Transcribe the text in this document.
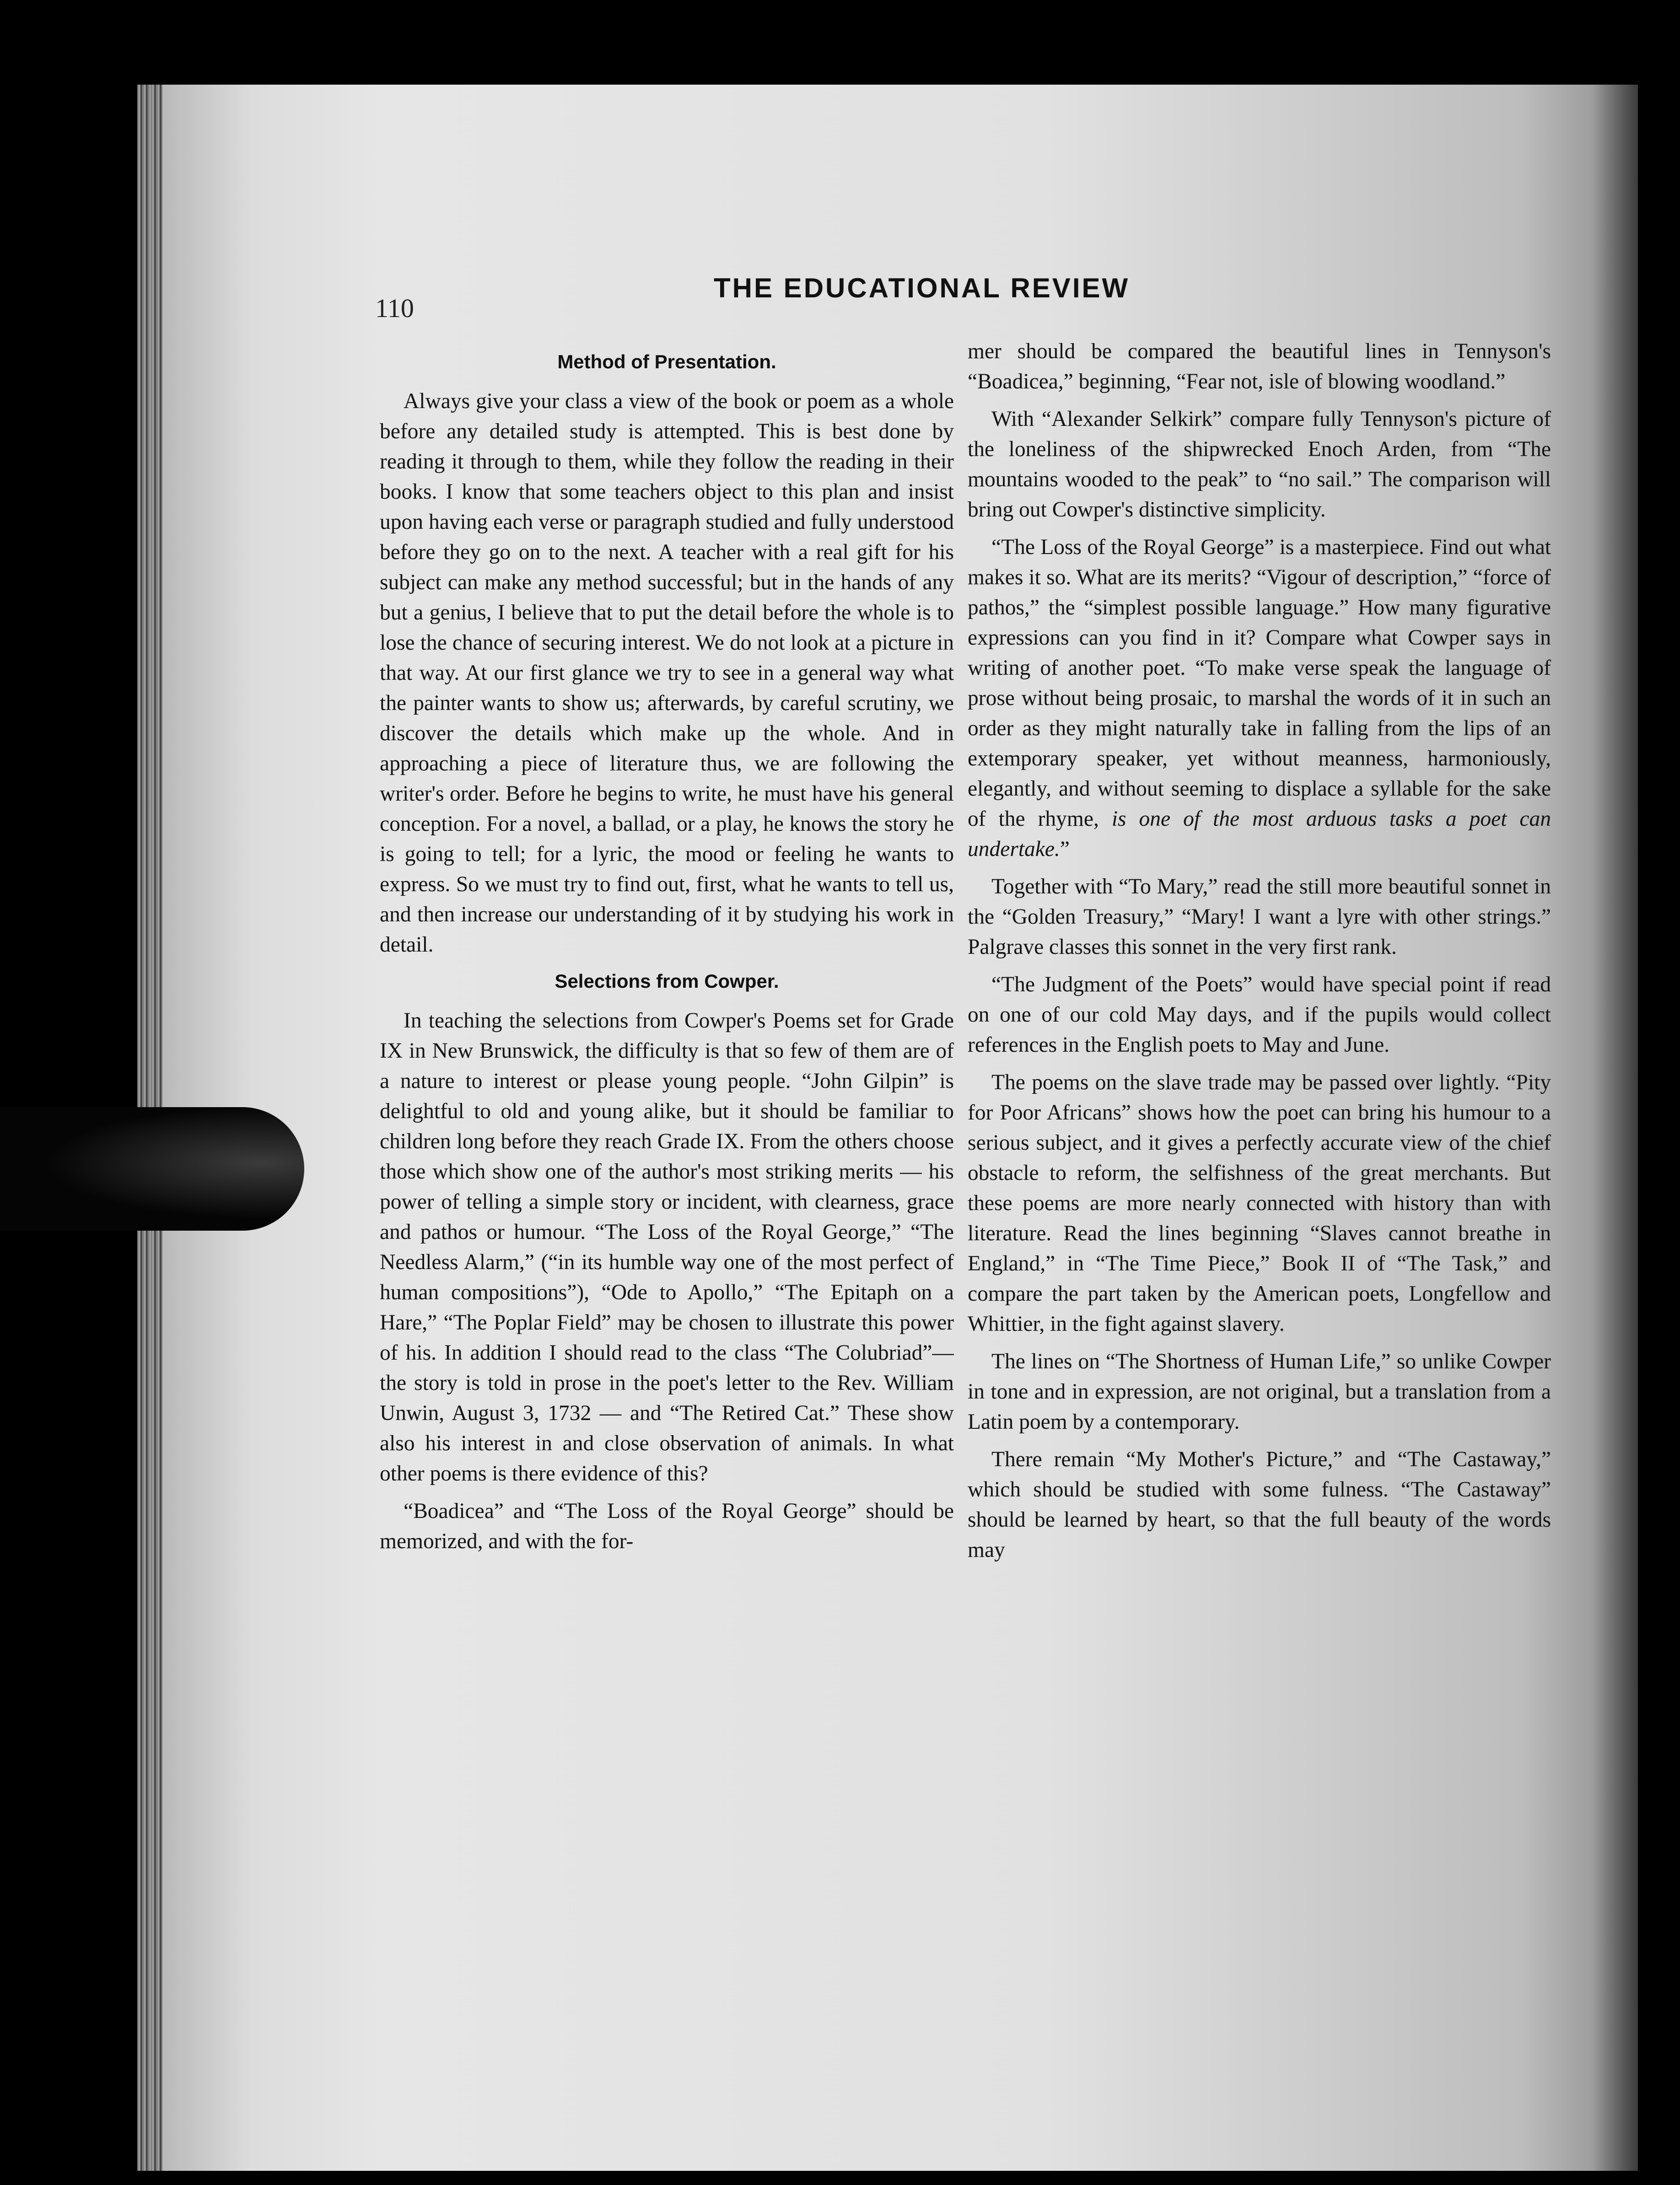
110
THE EDUCATIONAL REVIEW
Method of Presentation.

Always give your class a view of the book or poem as a whole before any detailed study is attempted. This is best done by reading it through to them, while they follow the reading in their books. I know that some teachers object to this plan and insist upon having each verse or paragraph studied and fully understood before they go on to the next. A teacher with a real gift for his subject can make any method successful; but in the hands of any but a genius, I believe that to put the detail before the whole is to lose the chance of securing interest. We do not look at a picture in that way. At our first glance we try to see in a general way what the painter wants to show us; afterwards, by careful scrutiny, we discover the details which make up the whole. And in approaching a piece of literature thus, we are following the writer's order. Before he begins to write, he must have his general conception. For a novel, a ballad, or a play, he knows the story he is going to tell; for a lyric, the mood or feeling he wants to express. So we must try to find out, first, what he wants to tell us, and then increase our understanding of it by studying his work in detail.

Selections from Cowper.

In teaching the selections from Cowper's Poems set for Grade IX in New Brunswick, the difficulty is that so few of them are of a nature to interest or please young people. “John Gilpin” is delightful to old and young alike, but it should be familiar to children long before they reach Grade IX. From the others choose those which show one of the author's most striking merits — his power of telling a simple story or incident, with clearness, grace and pathos or humour. “The Loss of the Royal George,” “The Needless Alarm,” (“in its humble way one of the most perfect of human compositions”), “Ode to Apollo,” “The Epitaph on a Hare,” “The Poplar Field” may be chosen to illustrate this power of his. In addition I should read to the class “The Colubriad”— the story is told in prose in the poet's letter to the Rev. William Unwin, August 3, 1732 — and “The Retired Cat.” These show also his interest in and close observation of animals. In what other poems is there evidence of this?

“Boadicea” and “The Loss of the Royal George” should be memorized, and with the for-

mer should be compared the beautiful lines in Tennyson's “Boadicea,” beginning, “Fear not, isle of blowing woodland.”

With “Alexander Selkirk” compare fully Tennyson's picture of the loneliness of the shipwrecked Enoch Arden, from “The mountains wooded to the peak” to “no sail.” The comparison will bring out Cowper's distinctive simplicity.

“The Loss of the Royal George” is a masterpiece. Find out what makes it so. What are its merits? “Vigour of description,” “force of pathos,” the “simplest possible language.” How many figurative expressions can you find in it? Compare what Cowper says in writing of another poet. “To make verse speak the language of prose without being prosaic, to marshal the words of it in such an order as they might naturally take in falling from the lips of an extemporary speaker, yet without meanness, harmoniously, elegantly, and without seeming to displace a syllable for the sake of the rhyme, is one of the most arduous tasks a poet can undertake.”

Together with “To Mary,” read the still more beautiful sonnet in the “Golden Treasury,” “Mary! I want a lyre with other strings.” Palgrave classes this sonnet in the very first rank.

“The Judgment of the Poets” would have special point if read on one of our cold May days, and if the pupils would collect references in the English poets to May and June.

The poems on the slave trade may be passed over lightly. “Pity for Poor Africans” shows how the poet can bring his humour to a serious subject, and it gives a perfectly accurate view of the chief obstacle to reform, the selfishness of the great merchants. But these poems are more nearly connected with history than with literature. Read the lines beginning “Slaves cannot breathe in England,” in “The Time Piece,” Book II of “The Task,” and compare the part taken by the American poets, Longfellow and Whittier, in the fight against slavery.

The lines on “The Shortness of Human Life,” so unlike Cowper in tone and in expression, are not original, but a translation from a Latin poem by a contemporary.

There remain “My Mother's Picture,” and “The Castaway,” which should be studied with some fulness. “The Castaway” should be learned by heart, so that the full beauty of the words may
